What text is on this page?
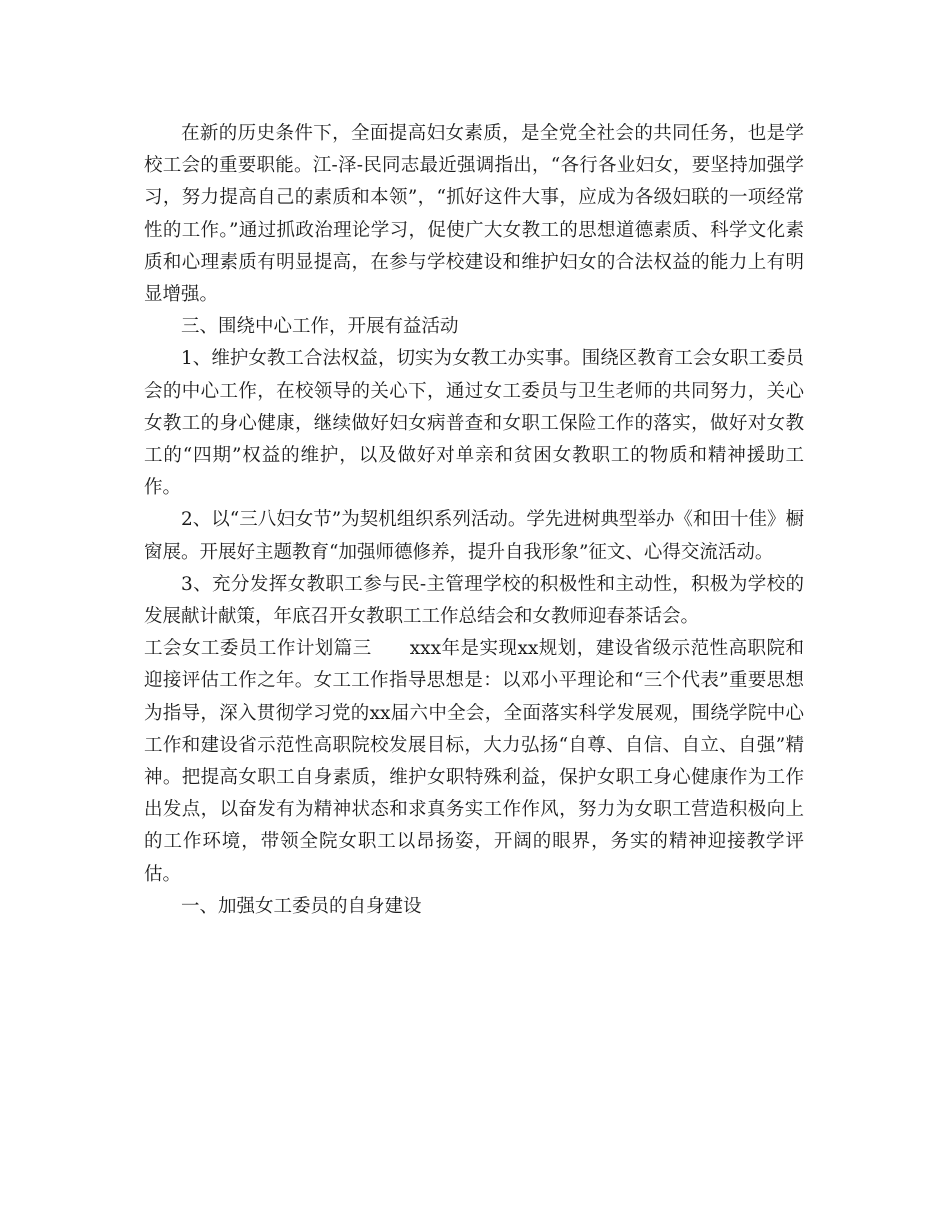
在新的历史条件下，全面提高妇女素质，是全党全社会的共同任务，也是学校工会的重要职能。江-泽-民同志最近强调指出，“各行各业妇女，要坚持加强学习，努力提高自己的素质和本领”，“抓好这件大事，应成为各级妇联的一项经常性的工作。”通过抓政治理论学习，促使广大女教工的思想道德素质、科学文化素质和心理素质有明显提高，在参与学校建设和维护妇女的合法权益的能力上有明显增强。

三、围绕中心工作，开展有益活动

1、维护女教工合法权益，切实为女教工办实事。围绕区教育工会女职工委员会的中心工作，在校领导的关心下，通过女工委员与卫生老师的共同努力，关心女教工的身心健康，继续做好妇女病普查和女职工保险工作的落实，做好对女教工的“四期”权益的维护，以及做好对单亲和贫困女教职工的物质和精神援助工作。

2、以“三八妇女节”为契机组织系列活动。学先进树典型举办《和田十佳》橱窗展。开展好主题教育“加强师德修养，提升自我形象”征文、心得交流活动。

3、充分发挥女教职工参与民-主管理学校的积极性和主动性，积极为学校的发展献计献策，年底召开女教职工工作总结会和女教师迎春茶话会。

工会女工委员工作计划篇三 xxx年是实现xx规划，建设省级示范性高职院和迎接评估工作之年。女工工作指导思想是：以邓小平理论和“三个代表”重要思想为指导，深入贯彻学习党的xx届六中全会，全面落实科学发展观，围绕学院中心工作和建设省示范性高职院校发展目标，大力弘扬“自尊、自信、自立、自强”精神。把提高女职工自身素质，维护女职特殊利益，保护女职工身心健康作为工作出发点，以奋发有为精神状态和求真务实工作作风，努力为女职工营造积极向上的工作环境，带领全院女职工以昂扬姿，开阔的眼界，务实的精神迎接教学评估。

一、加强女工委员的自身建设
